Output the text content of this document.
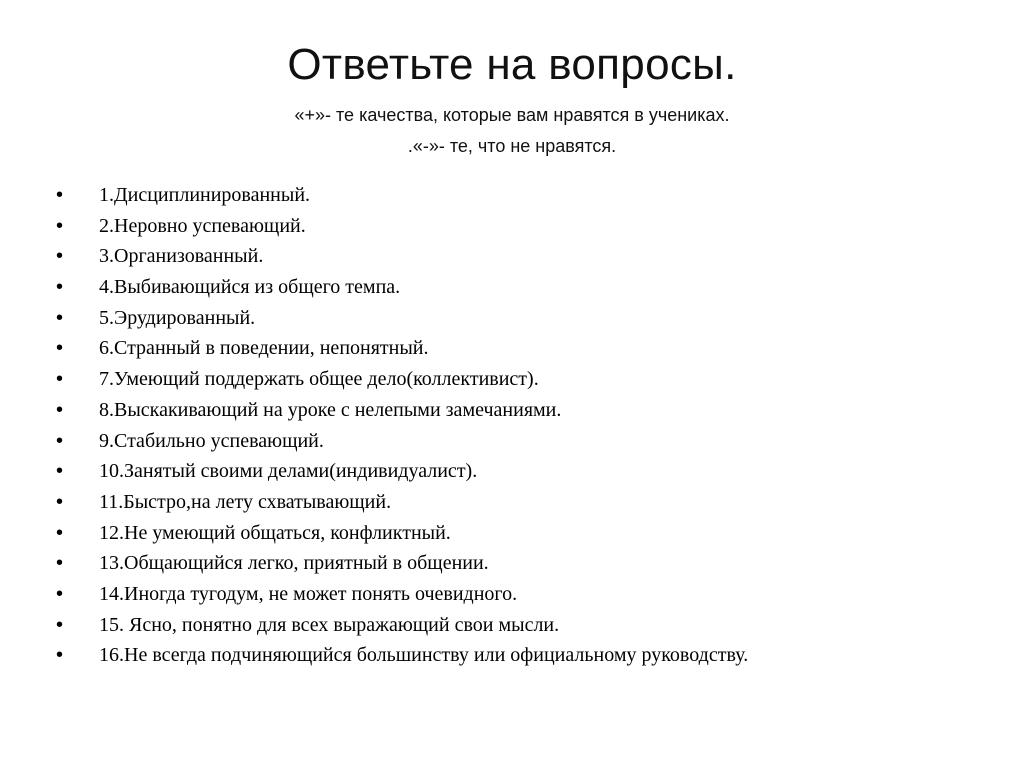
Ответьте на вопросы.
«+»- те качества, которые вам нравятся в учениках.
.«-»- те, что не нравятся.
•	1.Дисциплинированный.
•	2.Неровно успевающий.
•	3.Организованный.
•	4.Выбивающийся из общего темпа.
•	5.Эрудированный.
•	6.Странный в поведении, непонятный.
•	7.Умеющий поддержать общее дело(коллективист).
•	8.Выскакивающий на уроке с нелепыми замечаниями.
•	9.Стабильно успевающий.
•	10.Занятый своими делами(индивидуалист).
•	11.Быстро,на лету схватывающий.
•	12.Не умеющий общаться, конфликтный.
•	13.Общающийся легко, приятный в общении.
•	14.Иногда тугодум, не может понять очевидного.
•	15. Ясно, понятно для всех выражающий свои мысли.
•	16.Не всегда подчиняющийся большинству или официальному руководству.
